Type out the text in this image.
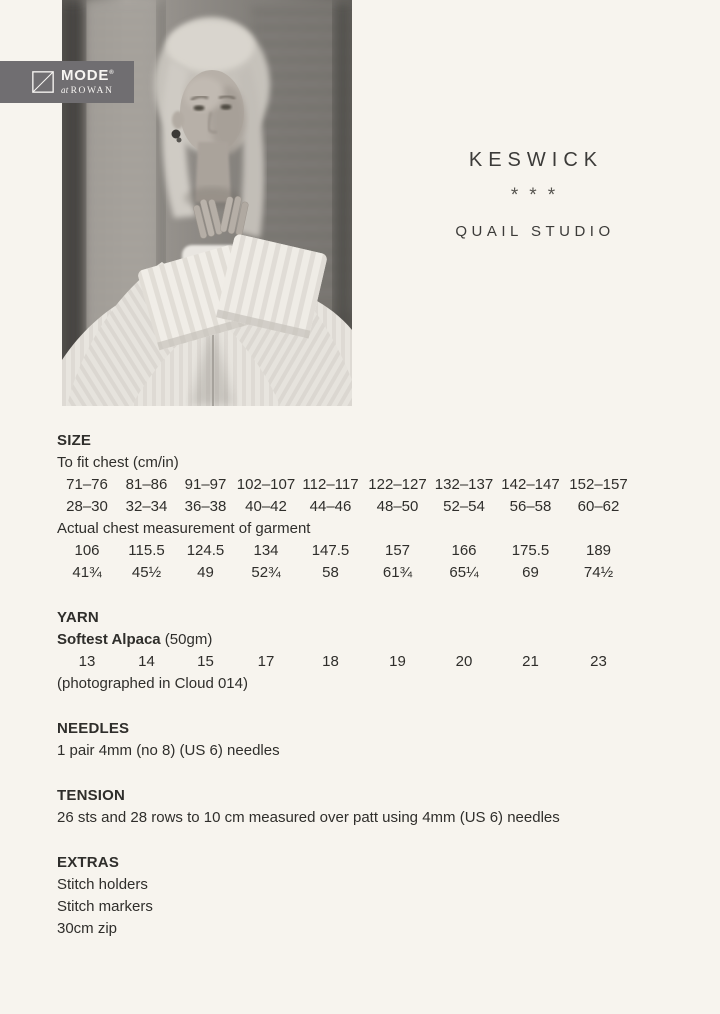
MODE®
at ROWAN
KESWICK
***
QUAIL STUDIO
SIZE

To fit chest (cm/in)

71–76	81–86	91–97 102–107 112–117 122–127 132–137 142–147 152–157
28–30	32–34	36–38	40–42	44–46	48–50	52–54	56–58	60–62

Actual chest measurement of garment

106	115.5	124.5	134	147.5	157	166	175.5	189
41¾	45½	49	52¾	58	61¾	65¼	69	74½
YARN

Softest Alpaca (50gm)

13	14	15	17	18	19	20	21	23

(photographed in Cloud 014)

NEEDLES

1 pair 4mm (no 8) (US 6) needles

TENSION

26 sts and 28 rows to 10 cm measured over patt using 4mm (US 6) needles

EXTRAS

Stitch holders

Stitch markers

30cm zip
